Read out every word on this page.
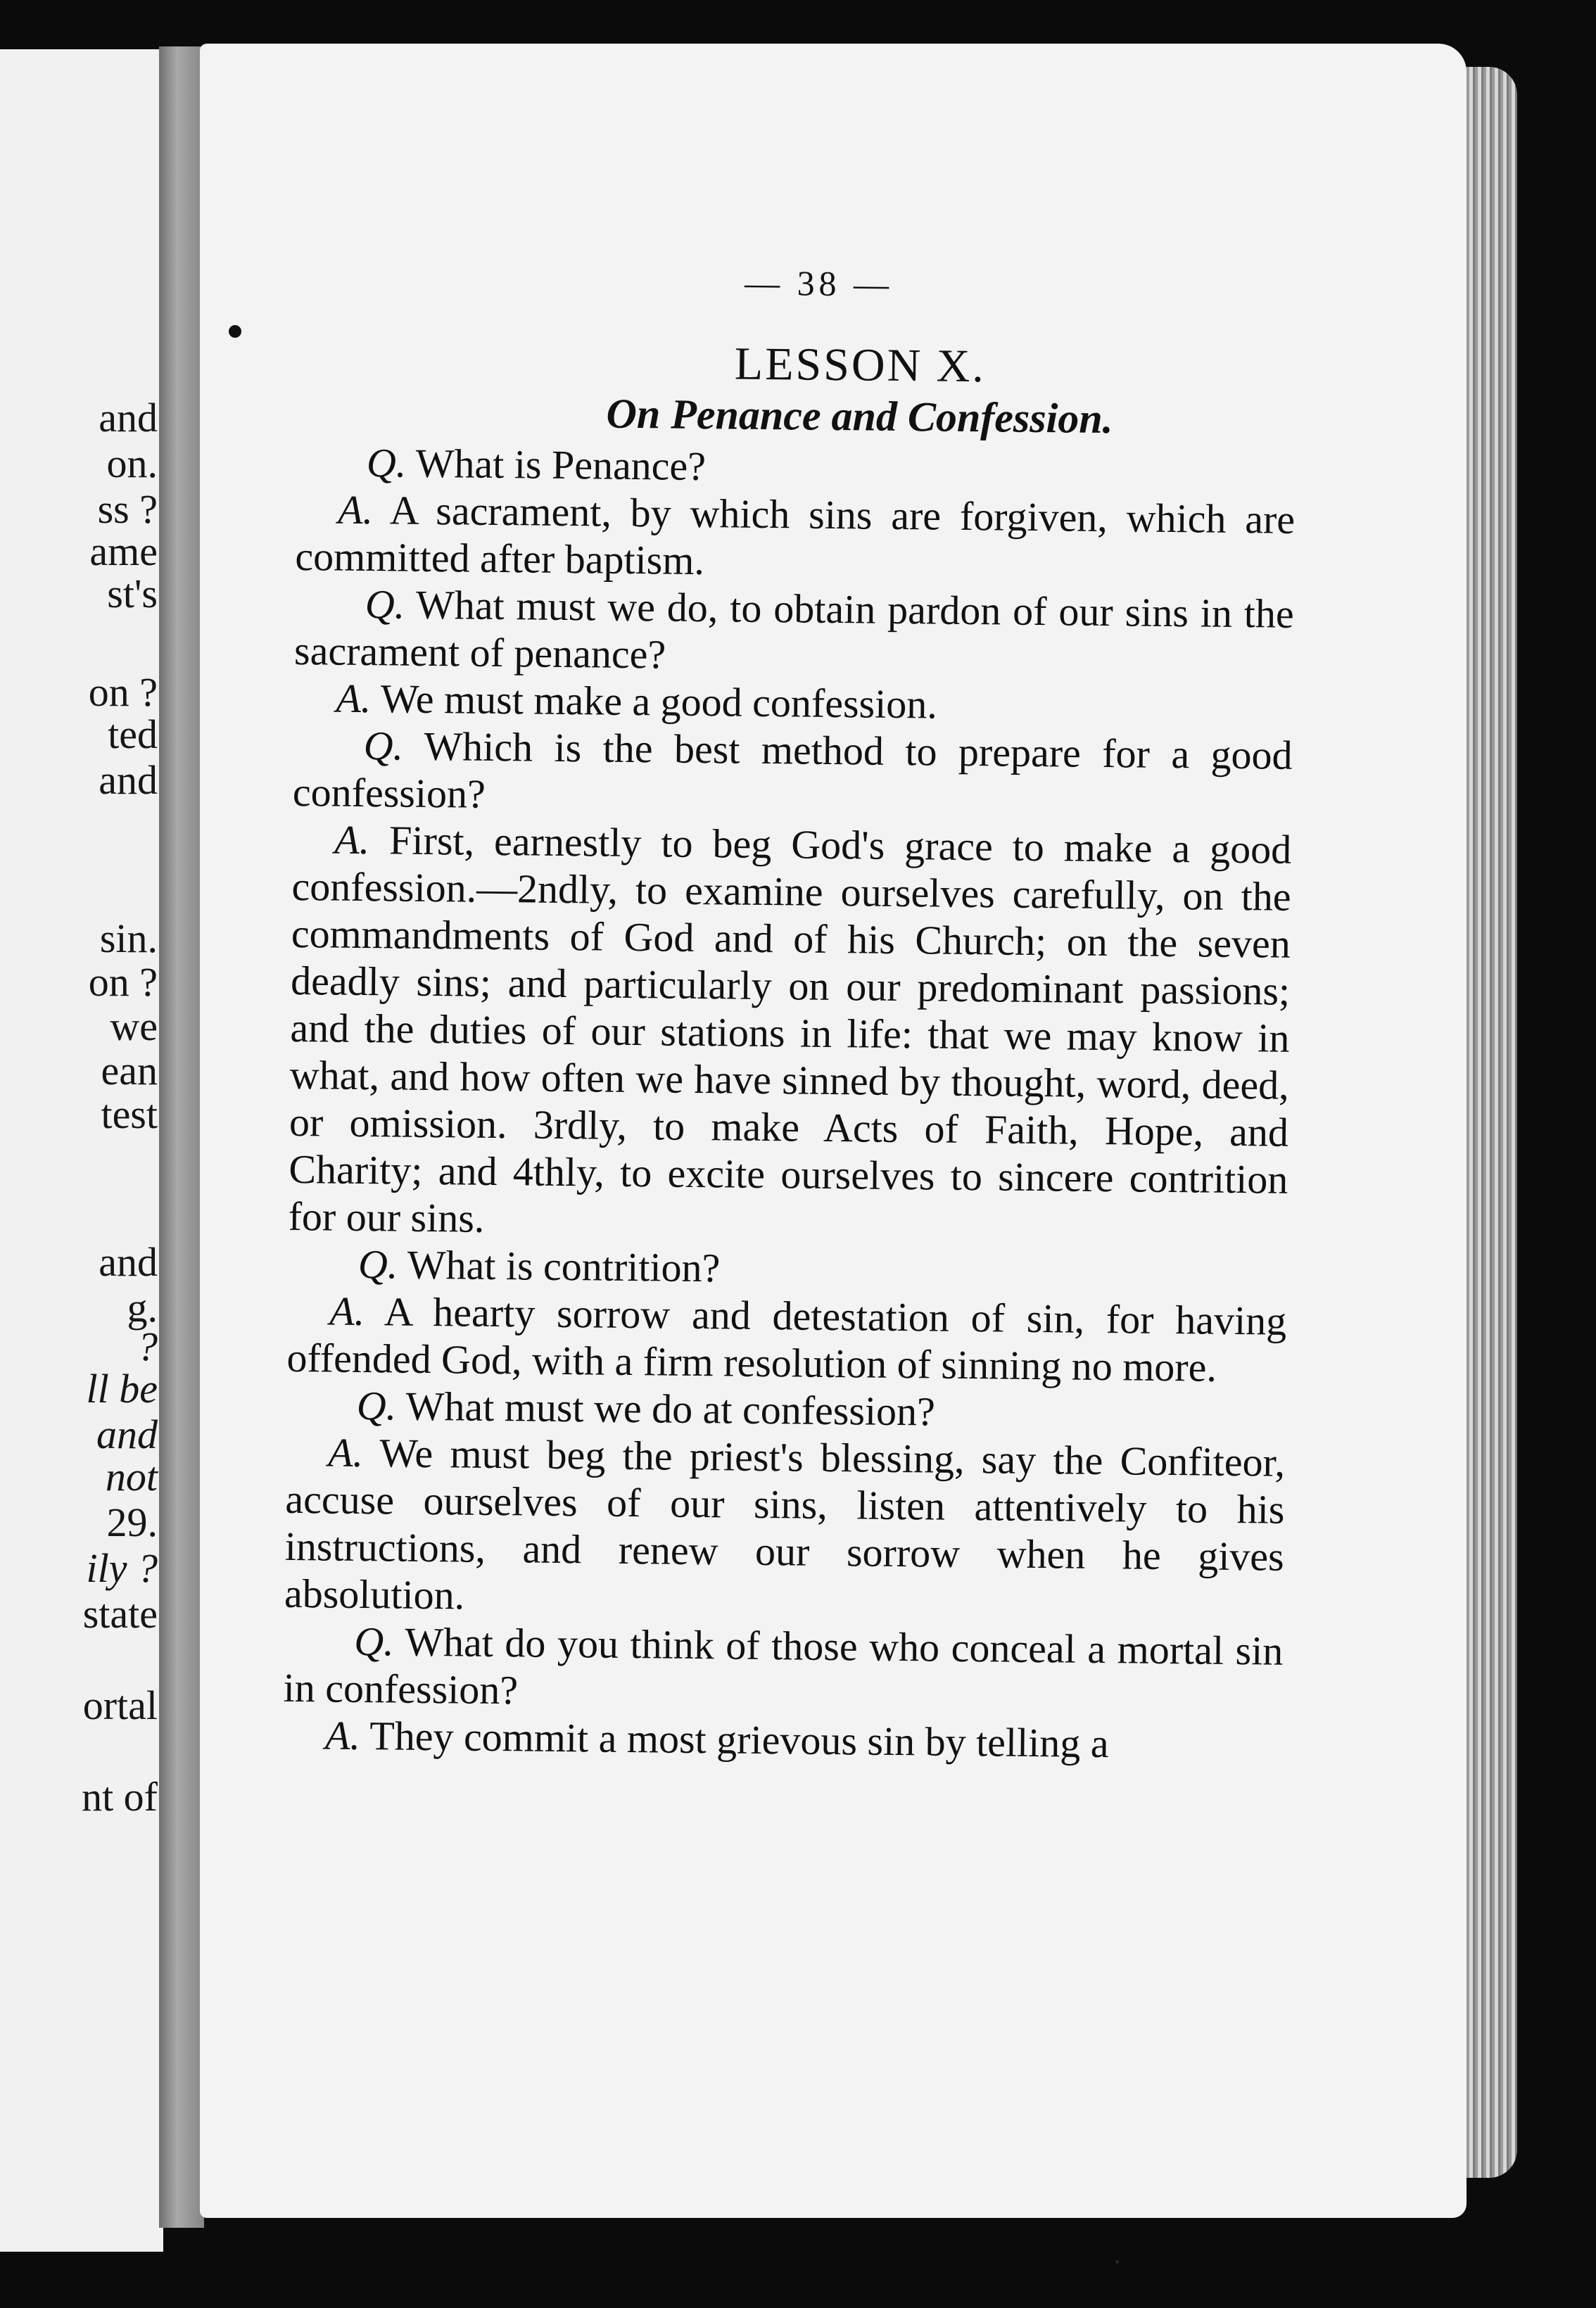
and
on.
ss ?
ame
st's
on ?
ted
and
sin.
on ?
we
ean
test
and
g.
?
ll be
and
not
29.
ily ?
state
ortal
nt of
— 38 —
LESSON X.
On Penance and Confession.

Q. What is Penance?

A. A sacrament, by which sins are forgiven, which are committed after baptism.

Q. What must we do, to obtain pardon of our sins in the sacrament of penance?

A. We must make a good confession.

Q. Which is the best method to prepare for a good confession?

A. First, earnestly to beg God's grace to make a good confession.—2ndly, to examine ourselves carefully, on the commandments of God and of his Church; on the seven deadly sins; and particularly on our predominant passions; and the duties of our stations in life: that we may know in what, and how often we have sinned by thought, word, deed, or omission. 3rdly, to make Acts of Faith, Hope, and Charity; and 4thly, to excite ourselves to sincere contrition for our sins.

Q. What is contrition?

A. A hearty sorrow and detestation of sin, for having offended God, with a firm resolution of sinning no more.

Q. What must we do at confession?

A. We must beg the priest's blessing, say the Confiteor, accuse ourselves of our sins, listen attentively to his instructions, and renew our sorrow when he gives absolution.

Q. What do you think of those who conceal a mortal sin in confession?

A. They commit a most grievous sin by telling a
